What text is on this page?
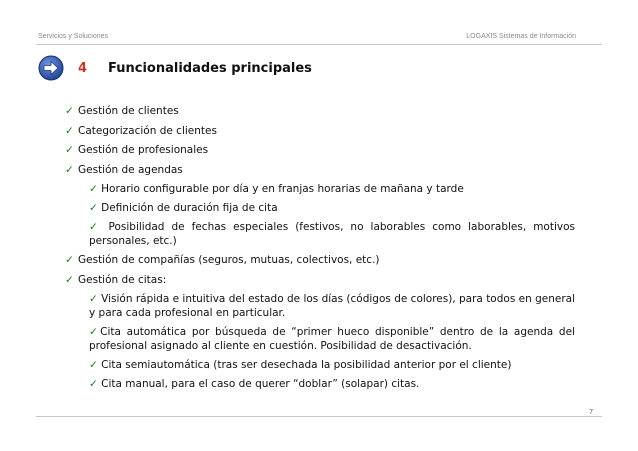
Servicios y Soluciones	LOGAXIS Sistemas de Información
4 Funcionalidades principales
✓ Gestión de clientes
✓ Categorización de clientes
✓ Gestión de profesionales
✓ Gestión de agendas
✓ Horario configurable por día y en franjas horarias de mañana y tarde
✓ Definición de duración fija de cita
✓ Posibilidad de fechas especiales (festivos, no laborables como laborables, motivos personales, etc.)
✓ Gestión de compañías (seguros, mutuas, colectivos, etc.)
✓ Gestión de citas:
✓ Visión rápida e intuitiva del estado de los días (códigos de colores), para todos en general y para cada profesional en particular.
✓Cita automática por búsqueda de “primer hueco disponible” dentro de la agenda del profesional asignado al cliente en cuestión. Posibilidad de desactivación.
✓ Cita semiautomática (tras ser desechada la posibilidad anterior por el cliente)
✓ Cita manual, para el caso de querer “doblar” (solapar) citas.
7
